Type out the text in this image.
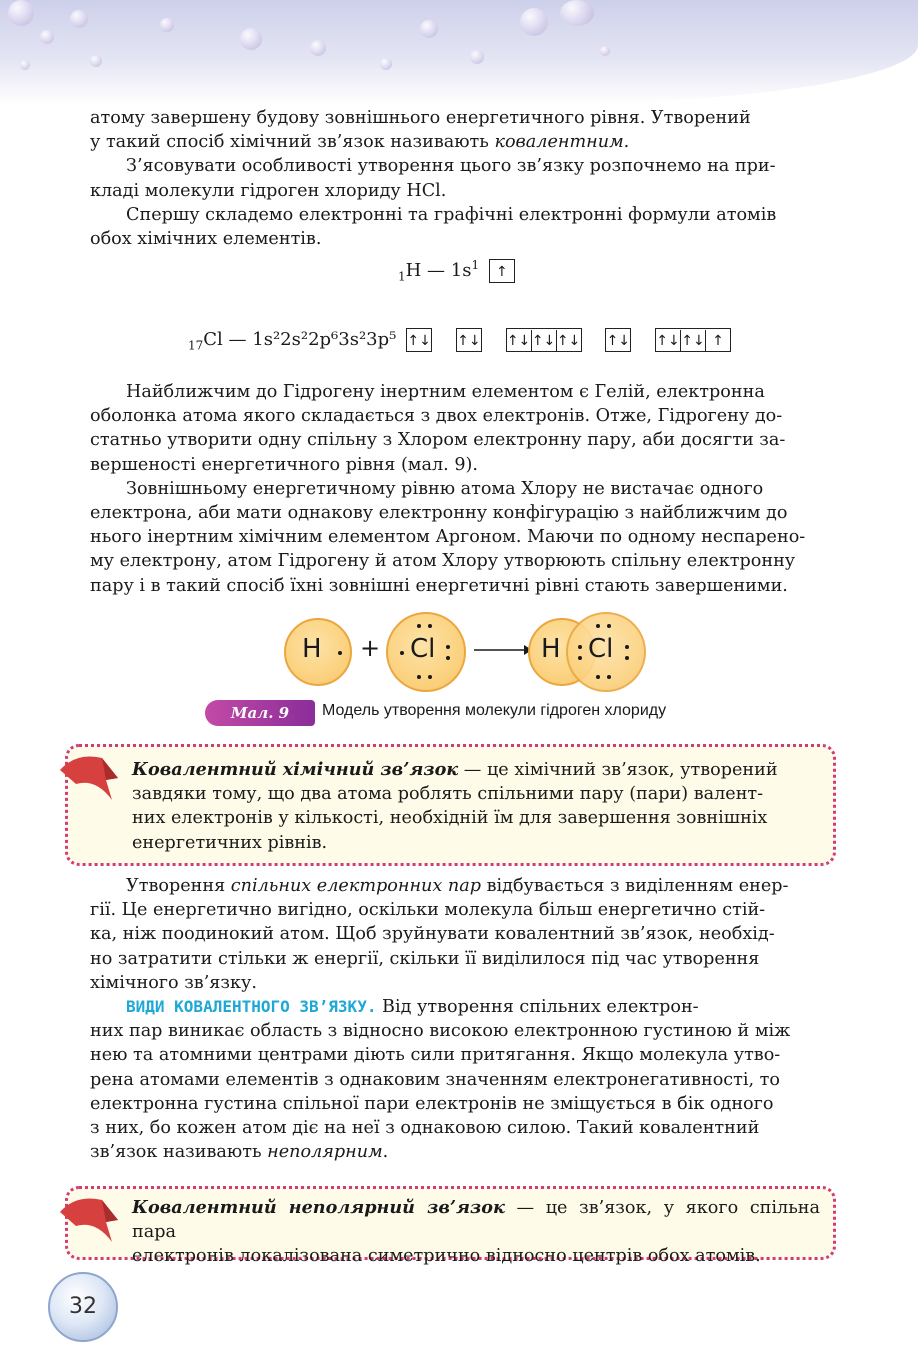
атому завершену будову зовнішнього енергетичного рівня. Утворений

у такий спосіб хімічний зв’язок називають ковалентним.

З’ясовувати особливості утворення цього зв’язку розпочнемо на при-

кладі молекули гідроген хлориду HCl.

Спершу складемо електронні та графічні електронні формули атомів

обох хімічних елементів.

$_1$H — $1s^1$ ↑
$_{17}$Cl — 1s²2s²2p⁶3s²3p⁵ ↑↓ ↑↓ ↑↓ ↑↓ ↑↓ ↑↓ ↑↓ ↑↓ ↑

Найближчим до Гідрогену інертним елементом є Гелій, електронна

оболонка атома якого складається з двох електронів. Отже, Гідрогену до-

статньо утворити одну спільну з Хлором електронну пару, аби досягти за-

вершеності енергетичного рівня (мал. 9).

Зовнішньому енергетичному рівню атома Хлору не вистачає одного

електрона, аби мати однакову електронну конфігурацію з найближчим до

нього інертним хімічним елементом Аргоном. Маючи по одному неспарено-

му електрону, атом Гідрогену й атом Хлору утворюють спільну електронну

пару і в такий спосіб їхні зовнішні енергетичні рівні стають завершеними.

H + Cl → H Cl
Мал. 9	Модель утворення молекули гідроген хлориду

Ковалентний хімічний зв’язок — це хімічний зв’язок, утворений

завдяки тому, що два атома роблять спільними пару (пари) валент-

них електронів у кількості, необхідній їм для завершення зовнішніх

енергетичних рівнів.

Утворення спільних електронних пар відбувається з виділенням енер-

гії. Це енергетично вигідно, оскільки молекула більш енергетично стій-

ка, ніж поодинокий атом. Щоб зруйнувати ковалентний зв’язок, необхід-

но затратити стільки ж енергії, скільки її виділилося під час утворення

хімічного зв’язку.

ВИДИ КОВАЛЕНТНОГО ЗВ’ЯЗКУ. Від утворення спільних електрон-

них пар виникає область з відносно високою електронною густиною й між

нею та атомними центрами діють сили притягання. Якщо молекула утво-

рена атомами елементів з однаковим значенням електронегативності, то

електронна густина спільної пари електронів не зміщується в бік одного

з них, бо кожен атом діє на неї з однаковою силою. Такий ковалентний

зв’язок називають неполярним.

Ковалентний неполярний зв’язок — це зв’язок, у якого спільна пара

електронів локалізована симетрично відносно центрів обох атомів.

32
